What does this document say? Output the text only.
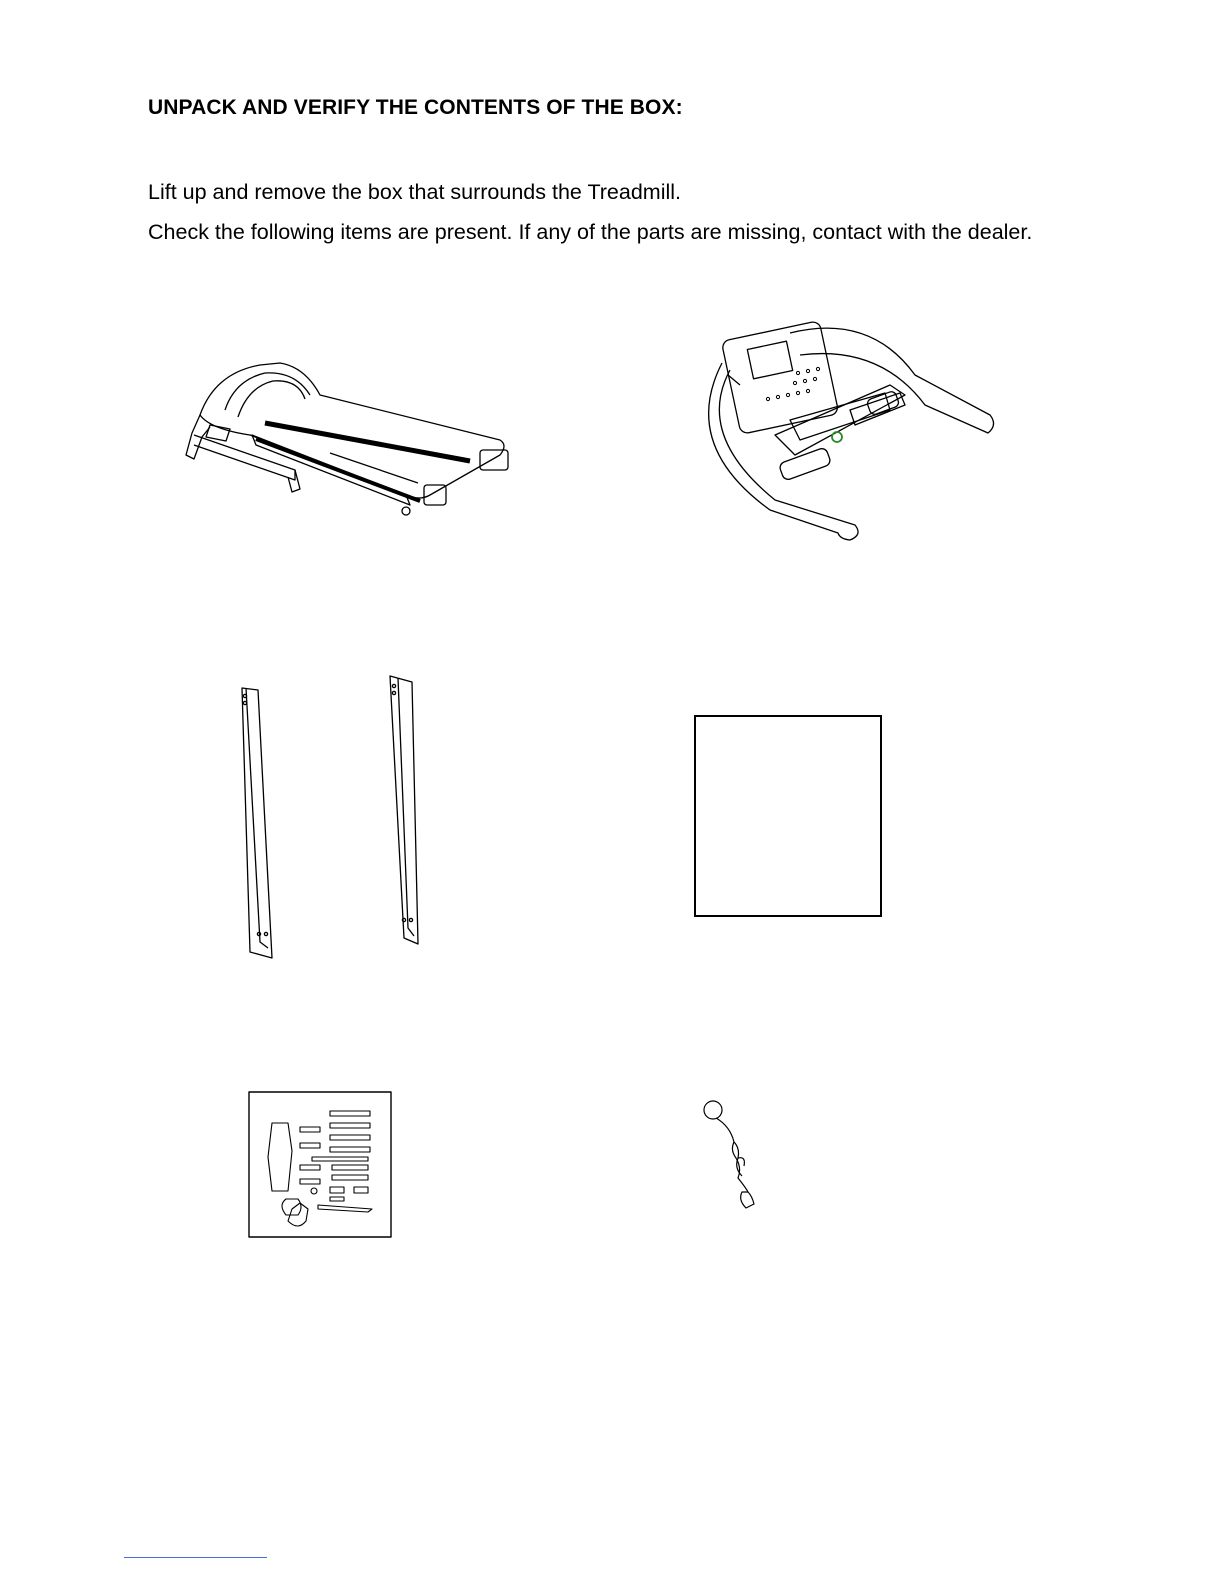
UNPACK AND VERIFY THE CONTENTS OF THE BOX:

Lift up and remove the box that surrounds the Treadmill.

Check the following items are present. If any of the parts are missing, contact with the dealer.
